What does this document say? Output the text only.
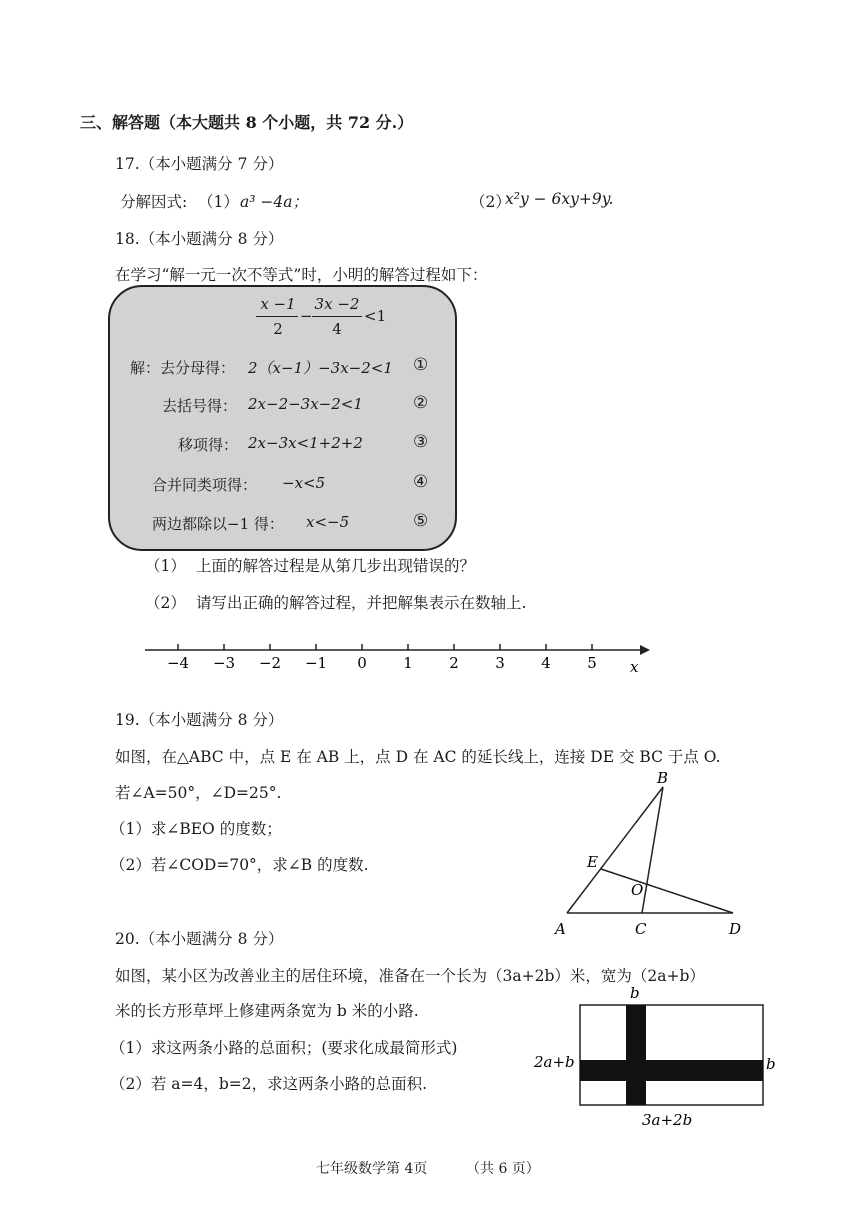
三、解答题（本大题共 8 个小题，共 72 分.）
17.（本小题满分 7 分）
分解因式: （1） a³ −4a；	（2）
x²y − 6xy+9y.
18.（本小题满分 8 分）
在学习“解一元一次不等式”时，小明的解答过程如下：
x −1
2
−
3x −2
4
<1
解：去分母得： 2（x−1）−3x−2<1 ①
去括号得： 2x−2−3x−2<1	②
移项得： 2x−3x<1+2+2	③
合并同类项得： −x<5	④
两边都除以−1 得： x<−5	⑤
（1） 上面的解答过程是从第几步出现错误的？
（2） 请写出正确的解答过程，并把解集表示在数轴上.
−4 −3 −2 −1 0 1 2 3 4 5 x
19.（本小题满分 8 分）
如图，在△ABC 中，点 E 在 AB 上，点 D 在 AC 的延长线上，连接 DE 交 BC 于点 O.
若∠A=50°，∠D=25°.
（1）求∠BEO 的度数；
（2）若∠COD=70°，求∠B 的度数.
B
E
O
A	C	D
20.（本小题满分 8 分）
如图，某小区为改善业主的居住环境，准备在一个长为（3a+2b）米，宽为（2a+b）
米的长方形草坪上修建两条宽为 b 米的小路.
（1）求这两条小路的总面积；(要求化成最简形式)
（2）若 a=4，b=2，求这两条小路的总面积.
b
2a+b	b
3a+2b
七年级数学第 4页	（共 6 页）
